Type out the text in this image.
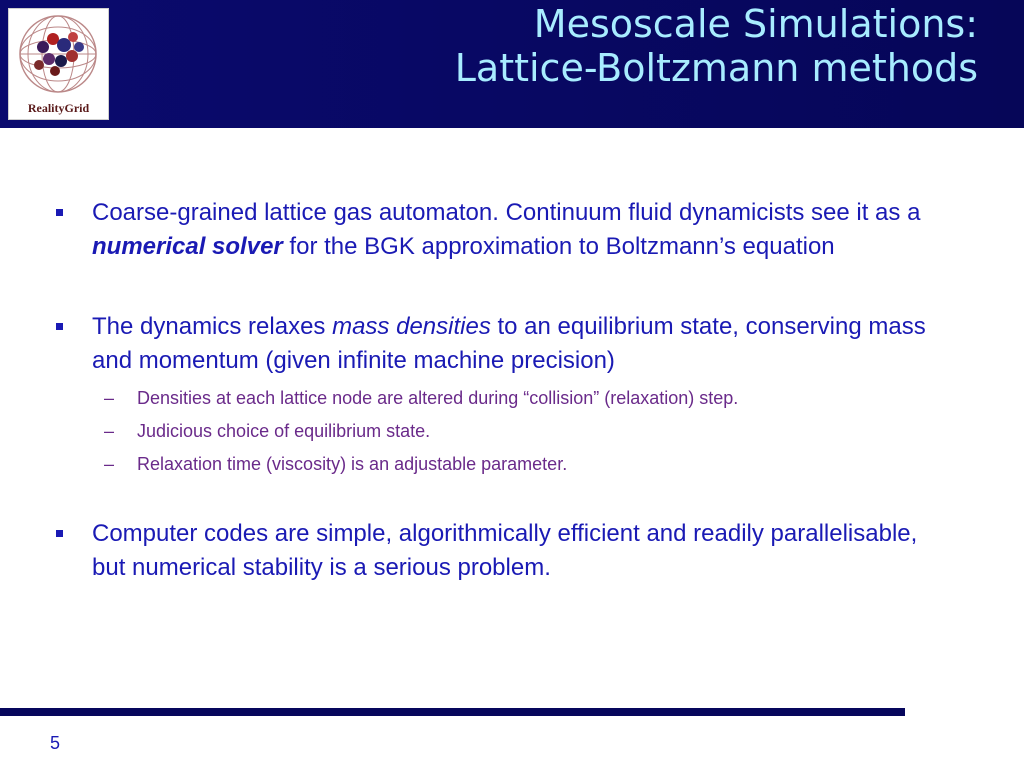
RealityGrid
Mesoscale Simulations:
Lattice-Boltzmann methods
Coarse-grained lattice gas automaton. Continuum fluid dynamicists see it as a numerical solver for the BGK approximation to Boltzmann’s equation
The dynamics relaxes mass densities to an equilibrium state, conserving mass and momentum (given infinite machine precision)
– Densities at each lattice node are altered during “collision” (relaxation) step.
– Judicious choice of equilibrium state.
– Relaxation time (viscosity) is an adjustable parameter.
Computer codes are simple, algorithmically efficient and readily parallelisable, but numerical stability is a serious problem.
5
